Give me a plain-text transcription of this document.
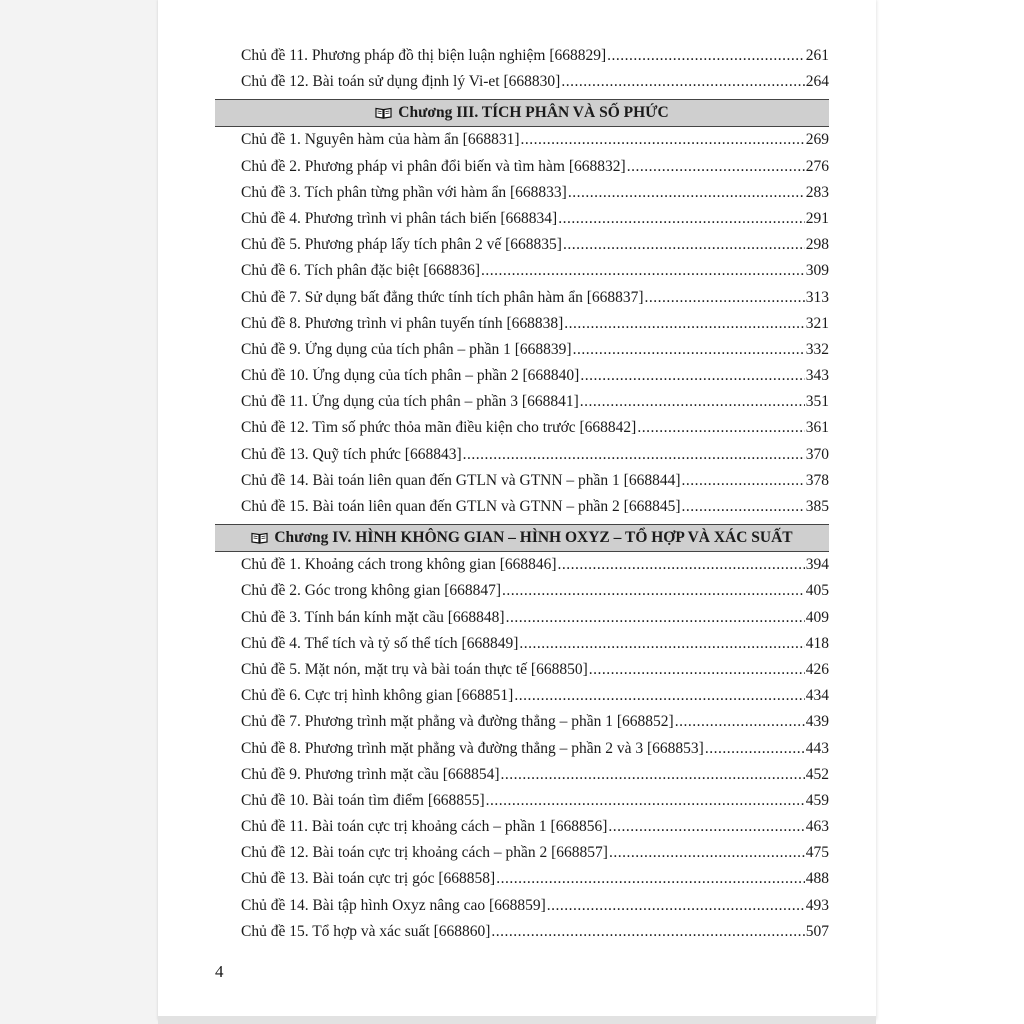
Chủ đề 11. Phương pháp đồ thị biện luận nghiệm [668829] .....	261
Chủ đề 12. Bài toán sử dụng định lý Vi-et [668830] .....	264
Chương III. TÍCH PHÂN VÀ SỐ PHỨC
Chủ đề 1. Nguyên hàm của hàm ẩn [668831] .....	269
Chủ đề 2. Phương pháp vi phân đổi biến và tìm hàm [668832] .....	276
Chủ đề 3. Tích phân từng phần với hàm ẩn [668833] .....	283
Chủ đề 4. Phương trình vi phân tách biến [668834] .....	291
Chủ đề 5. Phương pháp lấy tích phân 2 vế [668835] .....	298
Chủ đề 6. Tích phân đặc biệt [668836] .....	309
Chủ đề 7. Sử dụng bất đẳng thức tính tích phân hàm ẩn [668837] .....	313
Chủ đề 8. Phương trình vi phân tuyến tính [668838] .....	321
Chủ đề 9. Ứng dụng của tích phân – phần 1 [668839] .....	332
Chủ đề 10. Ứng dụng của tích phân – phần 2 [668840] .....	343
Chủ đề 11. Ứng dụng của tích phân – phần 3 [668841] .....	351
Chủ đề 12. Tìm số phức thỏa mãn điều kiện cho trước [668842] .....	361
Chủ đề 13. Quỹ tích phức [668843] .....	370
Chủ đề 14. Bài toán liên quan đến GTLN và GTNN – phần 1 [668844] .....	378
Chủ đề 15. Bài toán liên quan đến GTLN và GTNN – phần 2 [668845] .....	385
Chương IV. HÌNH KHÔNG GIAN – HÌNH OXYZ – TỔ HỢP VÀ XÁC SUẤT
Chủ đề 1. Khoảng cách trong không gian [668846] .....	394
Chủ đề 2. Góc trong không gian [668847] .....	405
Chủ đề 3. Tính bán kính mặt cầu [668848] .....	409
Chủ đề 4. Thể tích và tỷ số thể tích [668849] .....	418
Chủ đề 5. Mặt nón, mặt trụ và bài toán thực tế [668850] .....	426
Chủ đề 6. Cực trị hình không gian [668851] .....	434
Chủ đề 7. Phương trình mặt phẳng và đường thẳng – phần 1 [668852] .....	439
Chủ đề 8. Phương trình mặt phẳng và đường thẳng – phần 2 và 3 [668853] .....	443
Chủ đề 9. Phương trình mặt cầu [668854] .....	452
Chủ đề 10. Bài toán tìm điểm [668855] .....	459
Chủ đề 11. Bài toán cực trị khoảng cách – phần 1 [668856] .....	463
Chủ đề 12. Bài toán cực trị khoảng cách – phần 2 [668857] .....	475
Chủ đề 13. Bài toán cực trị góc [668858] .....	488
Chủ đề 14. Bài tập hình Oxyz nâng cao [668859] .....	493
Chủ đề 15. Tổ hợp và xác suất [668860] .....	507
4
